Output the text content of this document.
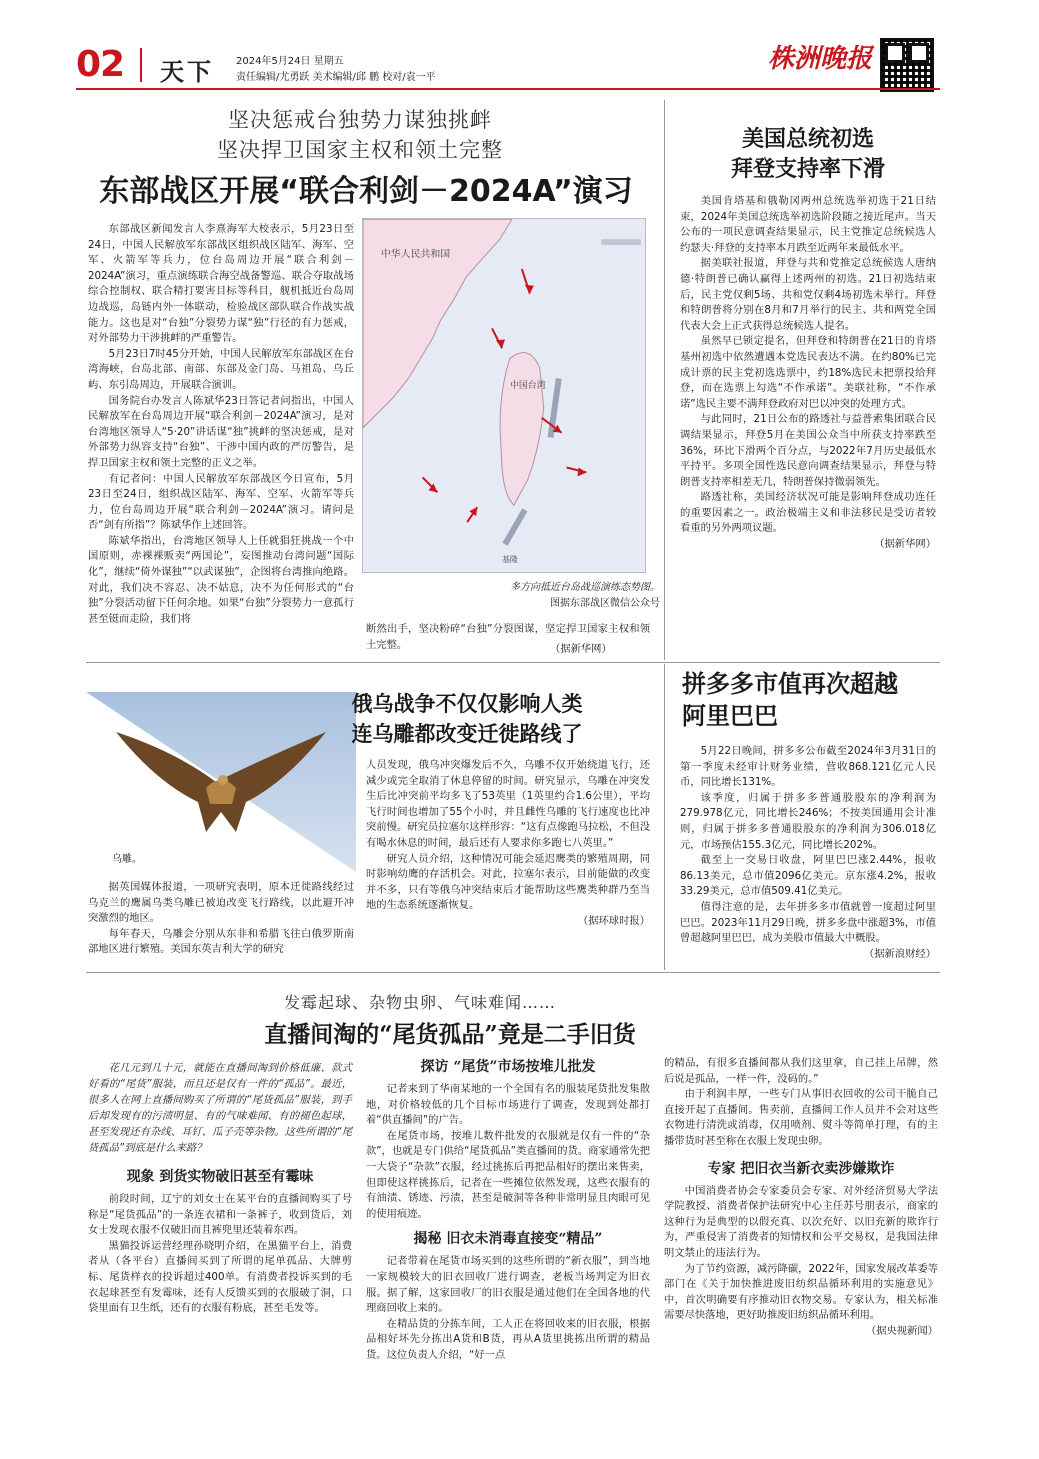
02 天下 2024年5月24日 星期五
责任编辑/尤勇跃 美术编辑/邱 鹏 校对/袁一平
株洲晚报
坚决惩戒台独势力谋独挑衅
坚决捍卫国家主权和领土完整
东部战区开展“联合利剑－2024A”演习

东部战区新闻发言人李熹海军大校表示，5月23日至24日，中国人民解放军东部战区组织战区陆军、海军、空军、火箭军等兵力，位台岛周边开展“联合利剑－2024A”演习，重点演练联合海空战备警巡、联合夺取战场综合控制权、联合精打要害目标等科目，舰机抵近台岛周边战巡，岛链内外一体联动，检验战区部队联合作战实战能力。这也是对“台独”分裂势力谋“独”行径的有力惩戒，对外部势力干涉挑衅的严重警告。

5月23日7时45分开始，中国人民解放军东部战区在台湾海峡，台岛北部、南部、东部及金门岛、马祖岛、乌丘屿、东引岛周边，开展联合演训。

国务院台办发言人陈斌华23日答记者问指出，中国人民解放军在台岛周边开展“联合利剑－2024A”演习，是对台湾地区领导人“5·20”讲话谋“独”挑衅的坚决惩戒，是对外部势力纵容支持“台独”、干涉中国内政的严厉警告，是捍卫国家主权和领土完整的正义之举。

有记者问：中国人民解放军东部战区今日宣布，5月23日至24日，组织战区陆军、海军、空军、火箭军等兵力，位台岛周边开展“联合利剑－2024A”演习。请问是否“剑有所指”？陈斌华作上述回答。

陈斌华指出，台湾地区领导人上任就猖狂挑战一个中国原则，赤裸裸贩卖“两国论”，妄图推动台湾问题“国际化”，继续“倚外谋独”“以武谋独”，企图将台湾推向绝路。对此，我们决不容忍、决不姑息，决不为任何形式的“台独”分裂活动留下任何余地。如果“台独”分裂势力一意孤行甚至铤而走险，我们将

中华人民共和国
中国台湾
基隆
多方向抵近台岛战巡演练态势图。
图据东部战区微信公众号

断然出手，坚决粉碎“台独”分裂图谋，坚定捍卫国家主权和领土完整。	（据新华网）
美国总统初选
拜登支持率下滑

美国肯塔基和俄勒冈两州总统选举初选于21日结束，2024年美国总统选举初选阶段随之接近尾声。当天公布的一项民意调查结果显示，民主党推定总统候选人约瑟夫·拜登的支持率本月跌至近两年来最低水平。

据美联社报道，拜登与共和党推定总统候选人唐纳德·特朗普已确认赢得上述两州的初选。21日初选结束后，民主党仅剩5场、共和党仅剩4场初选未举行。拜登和特朗普将分别在8月和7月举行的民主、共和两党全国代表大会上正式获得总统候选人提名。

虽然早已锁定提名，但拜登和特朗普在21日的肯塔基州初选中依然遭遇本党选民表达不满。在约80%已完成计票的民主党初选选票中，约18%选民未把票投给拜登，而在选票上勾选“不作承诺”。美联社称，“不作承诺”选民主要不满拜登政府对巴以冲突的处理方式。

与此同时，21日公布的路透社与益普索集团联合民调结果显示，拜登5月在美国公众当中所获支持率跌至36%，环比下滑两个百分点，与2022年7月历史最低水平持平。多项全国性选民意向调查结果显示，拜登与特朗普支持率相差无几，特朗普保持微弱领先。

路透社称，美国经济状况可能是影响拜登成功连任的重要因素之一。政治极端主义和非法移民是受访者较看重的另外两项议题。

（据新华网）

拼多多市值再次超越
阿里巴巴

5月22日晚间，拼多多公布截至2024年3月31日的第一季度未经审计财务业绩，营收868.121亿元人民币，同比增长131%。

该季度，归属于拼多多普通股股东的净利润为279.978亿元，同比增长246%；不按美国通用会计准则，归属于拼多多普通股股东的净利润为306.018亿元，市场预估155.3亿元，同比增长202%。

截至上一交易日收盘，阿里巴巴涨2.44%，报收86.13美元，总市值2096亿美元。京东涨4.2%，报收33.29美元，总市值509.41亿美元。

值得注意的是，去年拼多多市值就曾一度超过阿里巴巴。2023年11月29日晚，拼多多盘中涨超3%，市值曾超越阿里巴巴，成为美股市值最大中概股。

（据新浪财经）

乌雕。
俄乌战争不仅仅影响人类
连乌雕都改变迁徙路线了

据英国媒体报道，一项研究表明，原本迁徙路线经过乌克兰的鹰属乌类乌雕已被迫改变飞行路线，以此避开冲突激烈的地区。

每年春天，乌雕会分别从东非和希腊飞往白俄罗斯南部地区进行繁殖。美国东英吉利大学的研究

人员发现，俄乌冲突爆发后不久，乌雕不仅开始绕道飞行，还减少或完全取消了休息停留的时间。研究显示，乌雕在冲突发生后比冲突前平均多飞了53英里（1英里约合1.6公里），平均飞行时间也增加了55个小时，并且雌性乌雕的飞行速度也比冲突前慢。研究员拉塞尔这样形容：“这有点像跑马拉松，不但没有喝水休息的时间，最后还有人要求你多跑七八英里。”

研究人员介绍，这种情况可能会延迟鹰类的繁殖周期，同时影响幼鹰的存活机会。对此，拉塞尔表示，目前能做的改变并不多，只有等俄乌冲突结束后才能帮助这些鹰类种群乃至当地的生态系统逐渐恢复。

（据环球时报）

发霉起球、杂物虫卵、气味难闻……
直播间淘的“尾货孤品”竟是二手旧货

花几元到几十元，就能在直播间淘到价格低廉、款式好看的“尾货”服装，而且还是仅有一件的“孤品”。最近，很多人在网上直播间购买了所谓的“尾货孤品”服装，到手后却发现有的污渍明显、有的气味难闻、有的褪色起球，甚至发现还有杂线、耳钉、瓜子壳等杂物。这些所谓的“尾货孤品”到底是什么来路？

现象 到货实物破旧甚至有霉味

前段时间，辽宁的刘女士在某平台的直播间购买了号称是“尾货孤品”的一条连衣裙和一条裤子，收到货后，刘女士发现衣服不仅破旧而且裤兜里还装着东西。

黑猫投诉运营经理孙晓明介绍，在黑猫平台上，消费者从（各平台）直播间买到了所谓的尾单孤品、大牌剪标、尾货样衣的投诉超过400单。有消费者投诉买到的毛衣起球甚至有发霉味，还有人反馈买到的衣服破了洞，口袋里面有卫生纸，还有的衣服有粉底，甚至毛发等。

探访 “尾货”市场按堆儿批发

记者来到了华南某地的一个全国有名的服装尾货批发集散地，对价格较低的几个目标市场进行了调查，发现到处都打着“供直播间”的广告。

在尾货市场，按堆儿数件批发的衣服就是仅有一件的“杂款”，也就是专门供给“尾货孤品”类直播间的货。商家通常先把一大袋子“杂款”衣服，经过挑拣后再把品相好的摆出来售卖，但即使这样挑拣后，记者在一些摊位依然发现，这些衣服有的有油渍、锈迹、污渍，甚至是破洞等各种非常明显且肉眼可见的使用痕迹。

揭秘 旧衣未消毒直接变“精品”

记者带着在尾货市场买到的这些所谓的“新衣服”，到当地一家规模较大的旧衣回收厂进行调查，老板当场判定为旧衣服。据了解，这家回收厂的旧衣服是通过他们在全国各地的代理商回收上来的。

在精品货的分拣车间，工人正在将回收来的旧衣服，根据品相好坏先分拣出A货和B货，再从A货里挑拣出所谓的精品货。这位负责人介绍，“好一点

的精品，有很多直播间都从我们这里拿，自己挂上吊牌，然后说是孤品，一样一件，没码的。”

由于利润丰厚，一些专门从事旧衣回收的公司干脆自己直接开起了直播间。售卖前，直播间工作人员并不会对这些衣物进行清洗或消毒，仅用喷剂、熨斗等简单打理，有的主播带货时甚至称在衣服上发现虫卵。

专家 把旧衣当新衣卖涉嫌欺诈

中国消费者协会专家委员会专家、对外经济贸易大学法学院教授、消费者保护法研究中心主任苏号朋表示，商家的这种行为是典型的以假充真、以次充好、以旧充新的欺诈行为，严重侵害了消费者的知情权和公平交易权，是我国法律明文禁止的违法行为。

为了节约资源，减污降碳，2022年，国家发展改革委等部门在《关于加快推进废旧纺织品循环利用的实施意见》中，首次明确要有序推动旧衣物交易。专家认为，相关标准需要尽快落地，更好助推废旧纺织品循环利用。

（据央视新闻）
